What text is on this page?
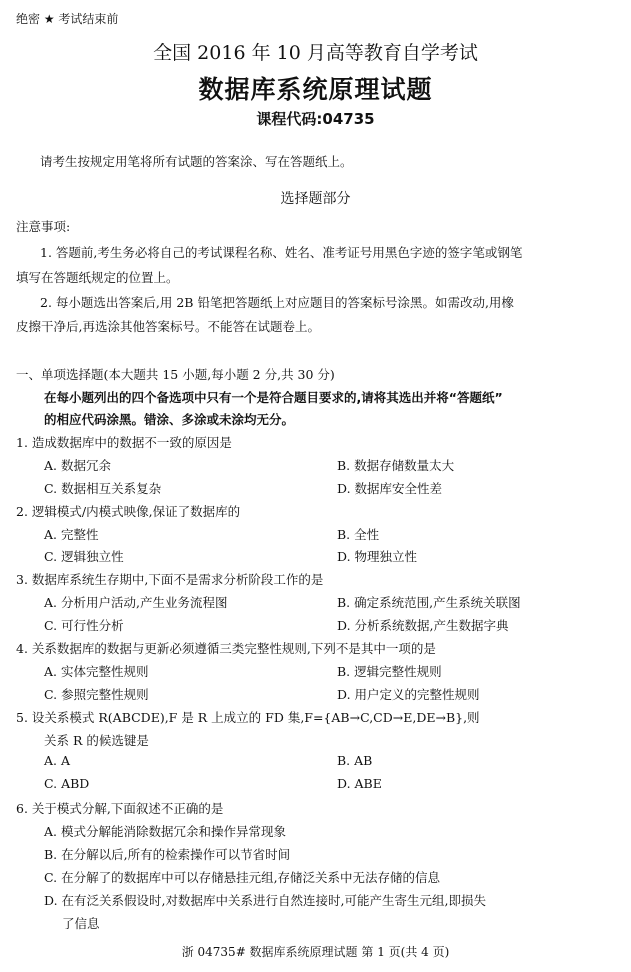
绝密 ★ 考试结束前
全国 2016 年 10 月高等教育自学考试
数据库系统原理试题
课程代码:04735
请考生按规定用笔将所有试题的答案涂、写在答题纸上。
选择题部分
注意事项:
1. 答题前,考生务必将自己的考试课程名称、姓名、准考证号用黑色字迹的签字笔或钢笔
填写在答题纸规定的位置上。
2. 每小题选出答案后,用 2B 铅笔把答题纸上对应题目的答案标号涂黑。如需改动,用橡
皮擦干净后,再选涂其他答案标号。不能答在试题卷上。
一、单项选择题(本大题共 15 小题,每小题 2 分,共 30 分)
在每小题列出的四个备选项中只有一个是符合题目要求的,请将其选出并将“答题纸”
的相应代码涂黑。错涂、多涂或未涂均无分。
1. 造成数据库中的数据不一致的原因是
A. 数据冗余	B. 数据存储数量太大
C. 数据相互关系复杂	D. 数据库安全性差
2. 逻辑模式/内模式映像,保证了数据库的
A. 完整性	B. 全性
C. 逻辑独立性	D. 物理独立性
3. 数据库系统生存期中,下面不是需求分析阶段工作的是
A. 分析用户活动,产生业务流程图	B. 确定系统范围,产生系统关联图
C. 可行性分析	D. 分析系统数据,产生数据字典
4. 关系数据库的数据与更新必须遵循三类完整性规则,下列不是其中一项的是
A. 实体完整性规则	B. 逻辑完整性规则
C. 参照完整性规则	D. 用户定义的完整性规则
5. 设关系模式 R(ABCDE),F 是 R 上成立的 FD 集,F={AB→C,CD→E,DE→B},则
关系 R 的候选键是
A. A	B. AB
C. ABD	D. ABE
6. 关于模式分解,下面叙述不正确的是
A. 模式分解能消除数据冗余和操作异常现象
B. 在分解以后,所有的检索操作可以节省时间
C. 在分解了的数据库中可以存储悬挂元组,存储泛关系中无法存储的信息
D. 在有泛关系假设时,对数据库中关系进行自然连接时,可能产生寄生元组,即损失
了信息
浙 04735# 数据库系统原理试题 第 1 页(共 4 页)
